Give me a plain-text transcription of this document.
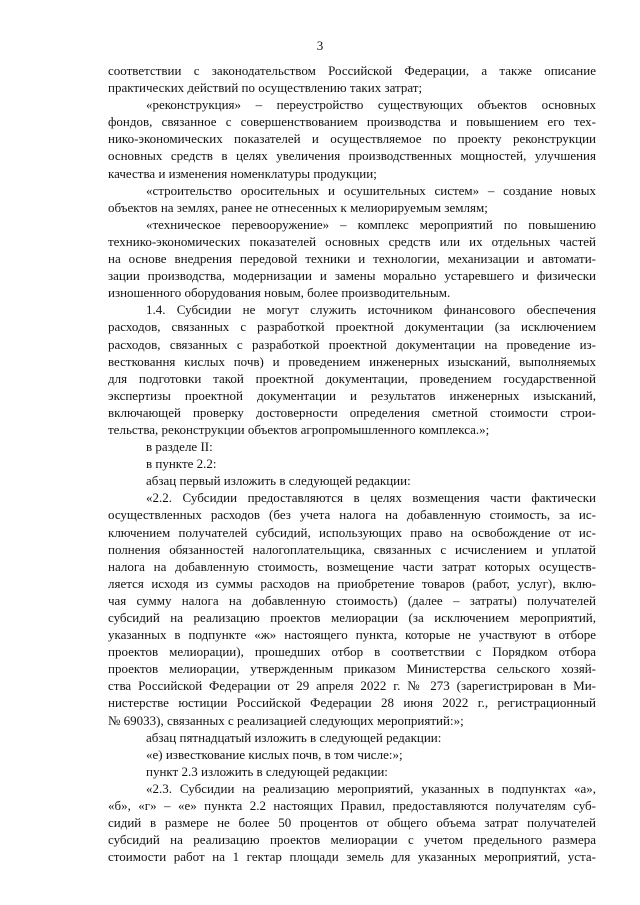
3
соответствии с законодательством Российской Федерации, а также описание
практических действий по осуществлению таких затрат;
«реконструкция» – переустройство существующих объектов основных
фондов, связанное с совершенствованием производства и повышением его тех-
нико-экономических показателей и осуществляемое по проекту реконструкции
основных средств в целях увеличения производственных мощностей, улучшения
качества и изменения номенклатуры продукции;
«строительство оросительных и осушительных систем» – создание новых
объектов на землях, ранее не отнесенных к мелиорируемым землям;
«техническое перевооружение» – комплекс мероприятий по повышению
технико-экономических показателей основных средств или их отдельных частей
на основе внедрения передовой техники и технологии, механизации и автомати-
зации производства, модернизации и замены морально устаревшего и физически
изношенного оборудования новым, более производительным.
1.4. Субсидии не могут служить источником финансового обеспечения
расходов, связанных с разработкой проектной документации (за исключением
расходов, связанных с разработкой проектной документации на проведение из-
вестковання кислых почв) и проведением инженерных изысканий, выполняемых
для подготовки такой проектной документации, проведением государственной
экспертизы проектной документации и результатов инженерных изысканий,
включающей проверку достоверности определения сметной стоимости строи-
тельства, реконструкции объектов агропромышленного комплекса.»;
в разделе II:
в пункте 2.2:
абзац первый изложить в следующей редакции:
«2.2. Субсидии предоставляются в целях возмещения части фактически
осуществленных расходов (без учета налога на добавленную стоимость, за ис-
ключением получателей субсидий, использующих право на освобождение от ис-
полнения обязанностей налогоплательщика, связанных с исчислением и уплатой
налога на добавленную стоимость, возмещение части затрат которых осуществ-
ляется исходя из суммы расходов на приобретение товаров (работ, услуг), вклю-
чая сумму налога на добавленную стоимость) (далее – затраты) получателей
субсидий на реализацию проектов мелиорации (за исключением мероприятий,
указанных в подпункте «ж» настоящего пункта, которые не участвуют в отборе
проектов мелиорации), прошедших отбор в соответствии с Порядком отбора
проектов мелиорации, утвержденным приказом Министерства сельского хозяй-
ства Российской Федерации от 29 апреля 2022 г. № 273 (зарегистрирован в Ми-
нистерстве юстиции Российской Федерации 28 июня 2022 г., регистрационный
№ 69033), связанных с реализацией следующих мероприятий:»;
абзац пятнадцатый изложить в следующей редакции:
«е) известкование кислых почв, в том числе:»;
пункт 2.3 изложить в следующей редакции:
«2.3. Субсидии на реализацию мероприятий, указанных в подпунктах «а»,
«б», «г» – «е» пункта 2.2 настоящих Правил, предоставляются получателям суб-
сидий в размере не более 50 процентов от общего объема затрат получателей
субсидий на реализацию проектов мелиорации с учетом предельного размера
стоимости работ на 1 гектар площади земель для указанных мероприятий, уста-
